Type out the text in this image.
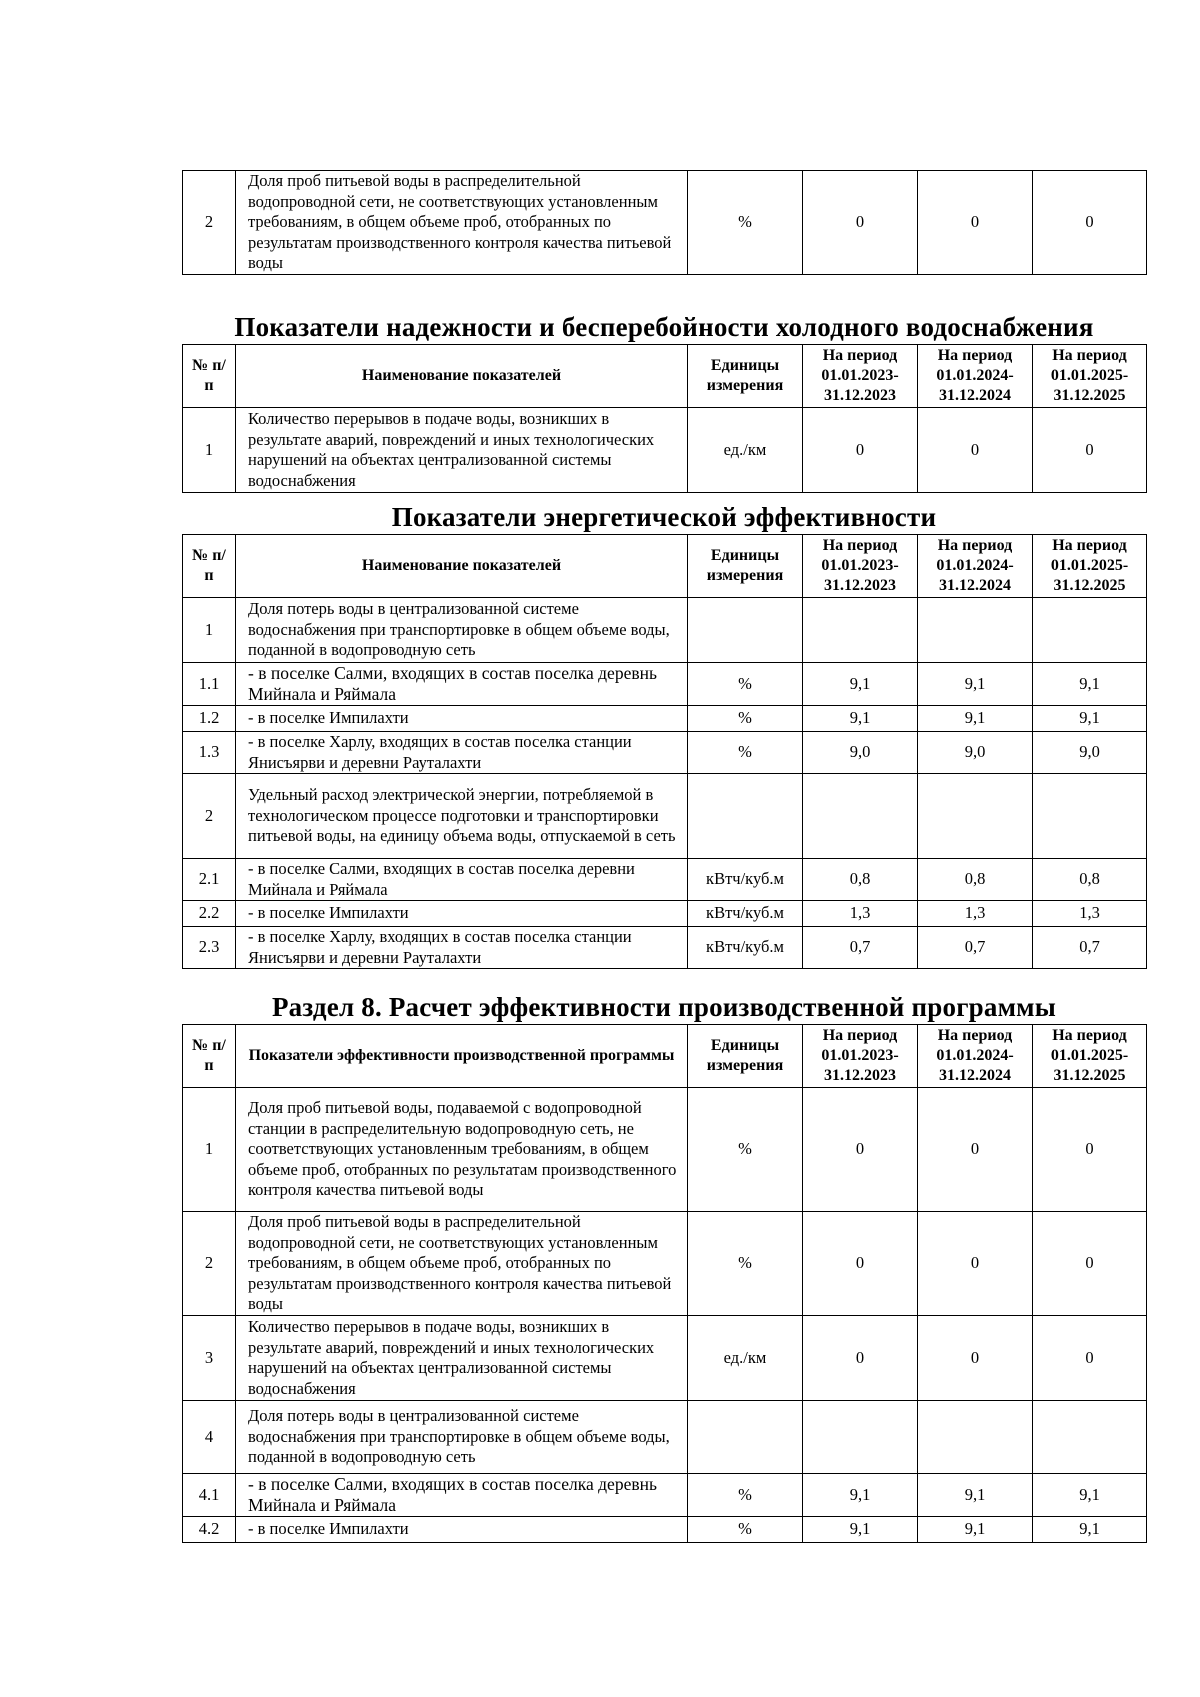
2	Доля проб питьевой воды в распределительной водопроводной сети, не соответствующих установленным требованиям, в общем объеме проб, отобранных по результатам производственного контроля качества питьевой воды	%	0	0	0
Показатели надежности и бесперебойности холодного водоснабжения
№ п/п	Наименование показателей	Единицы измерения	На период 01.01.2023-31.12.2023	На период 01.01.2024-31.12.2024	На период 01.01.2025-31.12.2025
1	Количество перерывов в подаче воды, возникших в результате аварий, повреждений и иных технологических нарушений на объектах централизованной системы водоснабжения	ед./км	0	0	0
Показатели энергетической эффективности
№ п/п	Наименование показателей	Единицы измерения	На период 01.01.2023-31.12.2023	На период 01.01.2024-31.12.2024	На период 01.01.2025-31.12.2025
1	Доля потерь воды в централизованной системе водоснабжения при транспортировке в общем объеме воды, поданной в водопроводную сеть				
1.1	- в поселке Салми, входящих в состав поселка деревнь Мийнала и Ряймала	%	9,1	9,1	9,1
1.2	- в поселке Импилахти	%	9,1	9,1	9,1
1.3	- в поселке Харлу, входящих в состав поселка станции Янисъярви и деревни Рауталахти	%	9,0	9,0	9,0
2	Удельный расход электрической энергии, потребляемой в технологическом процессе подготовки и транспортировки питьевой воды, на единицу объема воды, отпускаемой в сеть				
2.1	- в поселке Салми, входящих в состав поселка деревни Мийнала и Ряймала	кВтч/куб.м	0,8	0,8	0,8
2.2	- в поселке Импилахти	кВтч/куб.м	1,3	1,3	1,3
2.3	- в поселке Харлу, входящих в состав поселка станции Янисъярви и деревни Рауталахти	кВтч/куб.м	0,7	0,7	0,7
Раздел 8. Расчет эффективности производственной программы
№ п/п	Показатели эффективности производственной программы	Единицы измерения	На период 01.01.2023-31.12.2023	На период 01.01.2024-31.12.2024	На период 01.01.2025-31.12.2025
1	Доля проб питьевой воды, подаваемой с водопроводной станции в распределительную водопроводную сеть, не соответствующих установленным требованиям, в общем объеме проб, отобранных по результатам производственного контроля качества питьевой воды	%	0	0	0
2	Доля проб питьевой воды в распределительной водопроводной сети, не соответствующих установленным требованиям, в общем объеме проб, отобранных по результатам производственного контроля качества питьевой воды	%	0	0	0
3	Количество перерывов в подаче воды, возникших в результате аварий, повреждений и иных технологических нарушений на объектах централизованной системы водоснабжения	ед./км	0	0	0
4	Доля потерь воды в централизованной системе водоснабжения при транспортировке в общем объеме воды, поданной в водопроводную сеть				
4.1	- в поселке Салми, входящих в состав поселка деревнь Мийнала и Ряймала	%	9,1	9,1	9,1
4.2	- в поселке Импилахти	%	9,1	9,1	9,1
